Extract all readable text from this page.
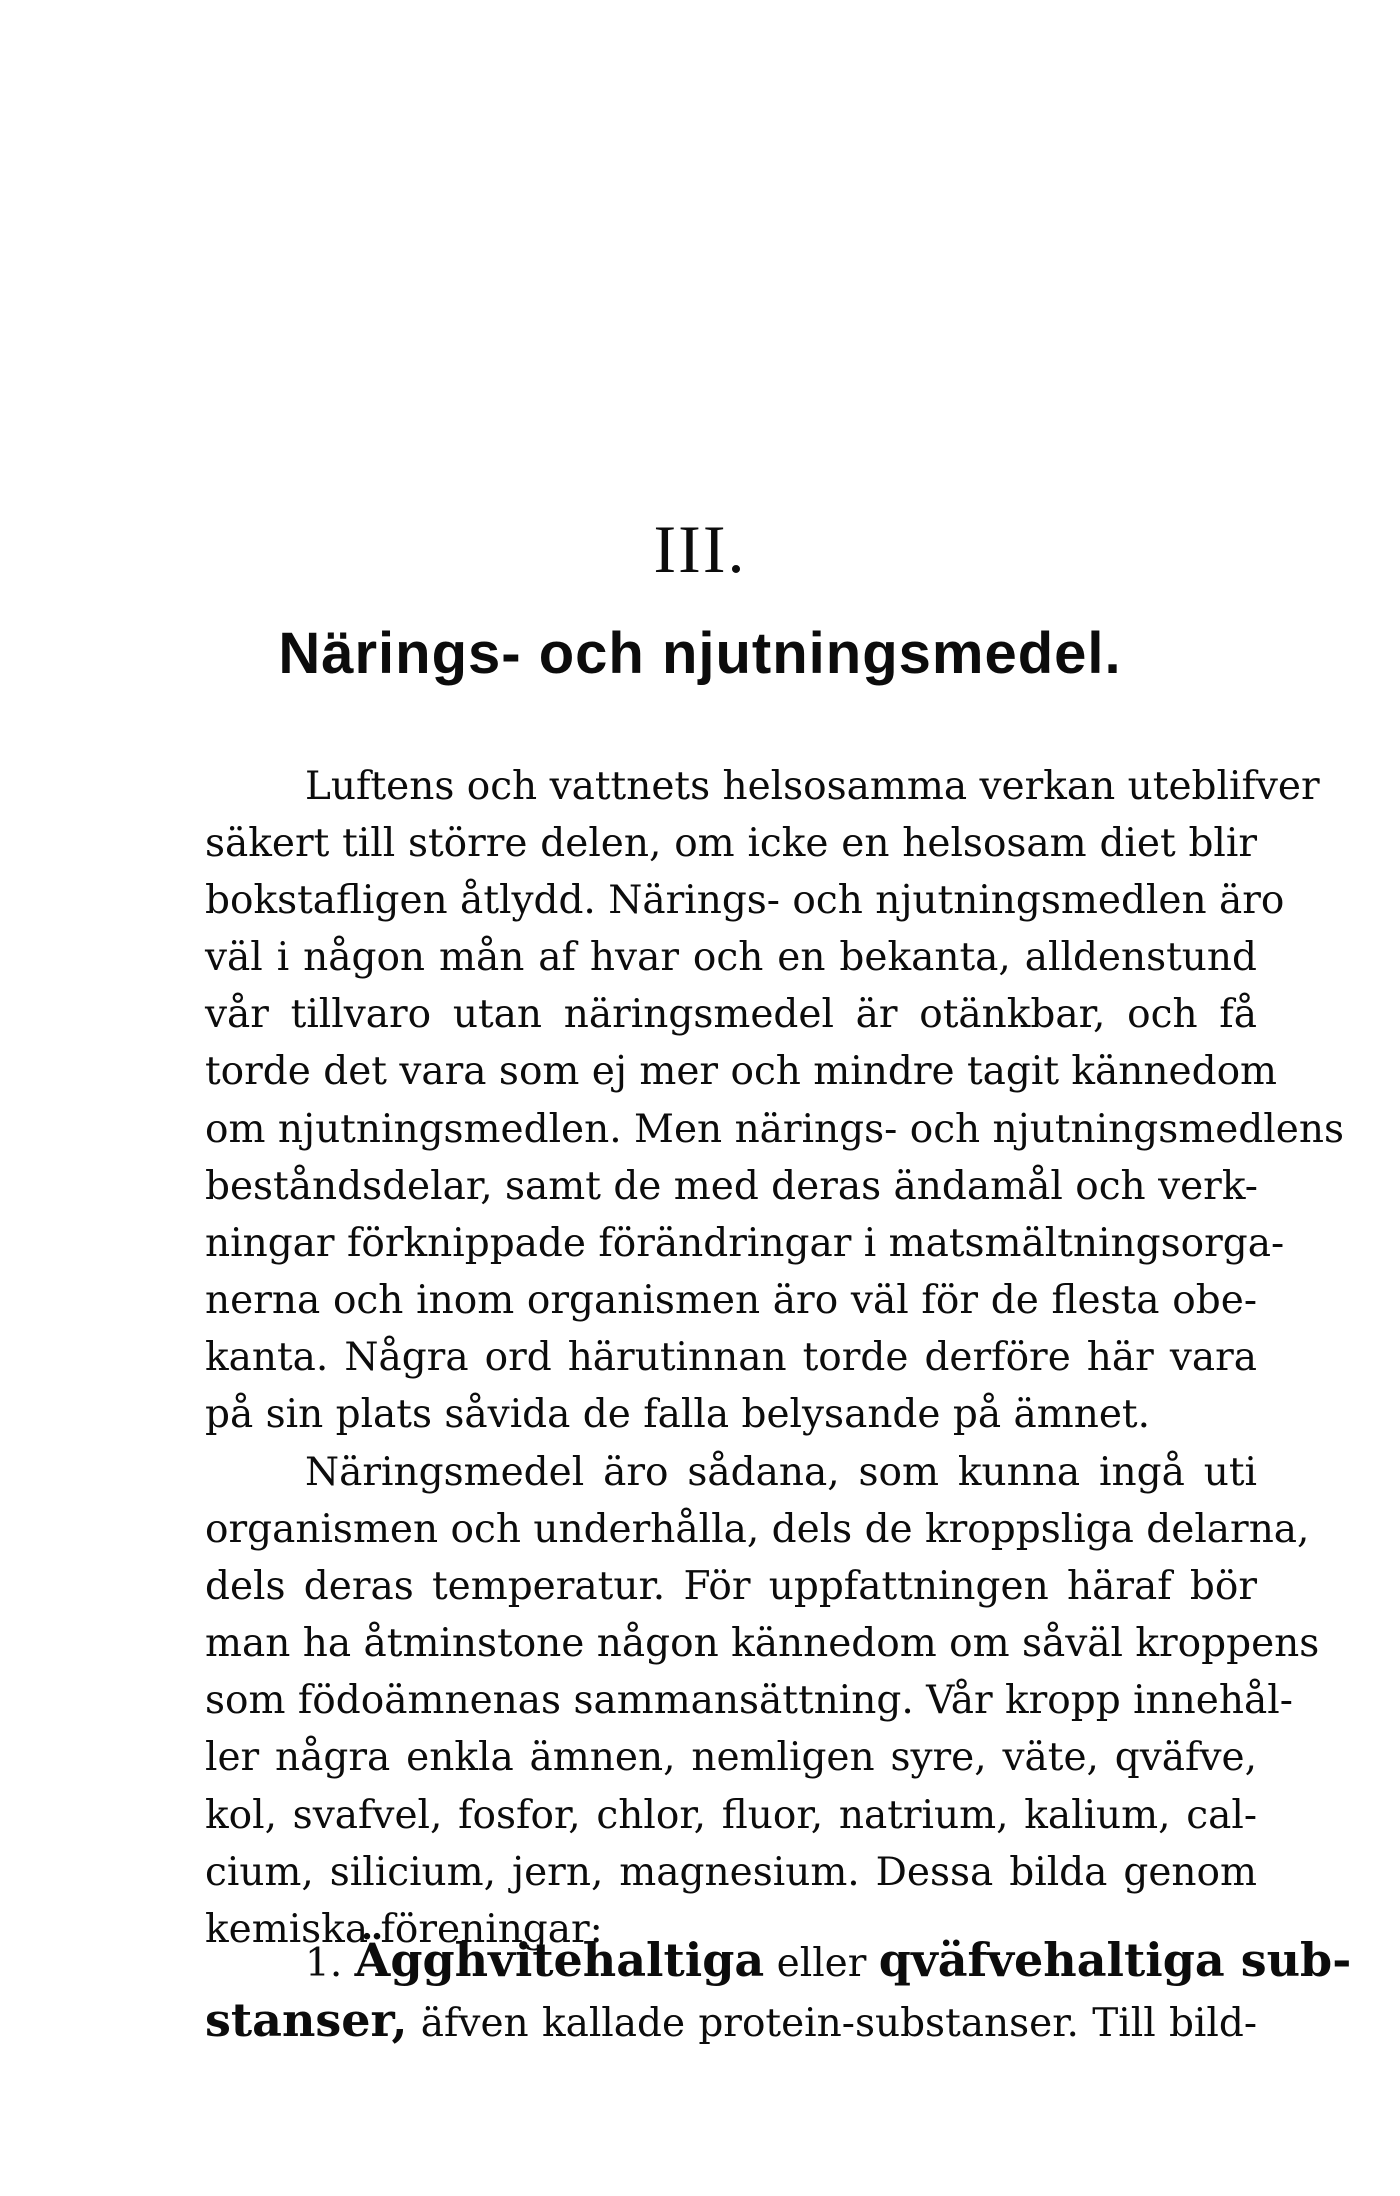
III.
Närings- och njutningsmedel.
Luftens och vattnets helsosamma verkan uteblifver
säkert till större delen, om icke en helsosam diet blir
bokstafligen åtlydd. Närings- och njutningsmedlen äro
väl i någon mån af hvar och en bekanta, alldenstund
vår tillvaro utan näringsmedel är otänkbar, och få
torde det vara som ej mer och mindre tagit kännedom
om njutningsmedlen. Men närings- och njutningsmedlens
beståndsdelar, samt de med deras ändamål och verk-
ningar förknippade förändringar i matsmältningsorga-
nerna och inom organismen äro väl för de flesta obe-
kanta. Några ord härutinnan torde derföre här vara
på sin plats såvida de falla belysande på ämnet.
Näringsmedel äro sådana, som kunna ingå uti
organismen och underhålla, dels de kroppsliga delarna,
dels deras temperatur. För uppfattningen häraf bör
man ha åtminstone någon kännedom om såväl kroppens
som födoämnenas sammansättning. Vår kropp innehål-
ler några enkla ämnen, nemligen syre, väte, qväfve,
kol, svafvel, fosfor, chlor, fluor, natrium, kalium, cal-
cium, silicium, jern, magnesium. Dessa bilda genom
kemiska föreningar:
1. Ägghvitehaltiga eller qväfvehaltiga sub-
stanser, äfven kallade protein-substanser. Till bild-
